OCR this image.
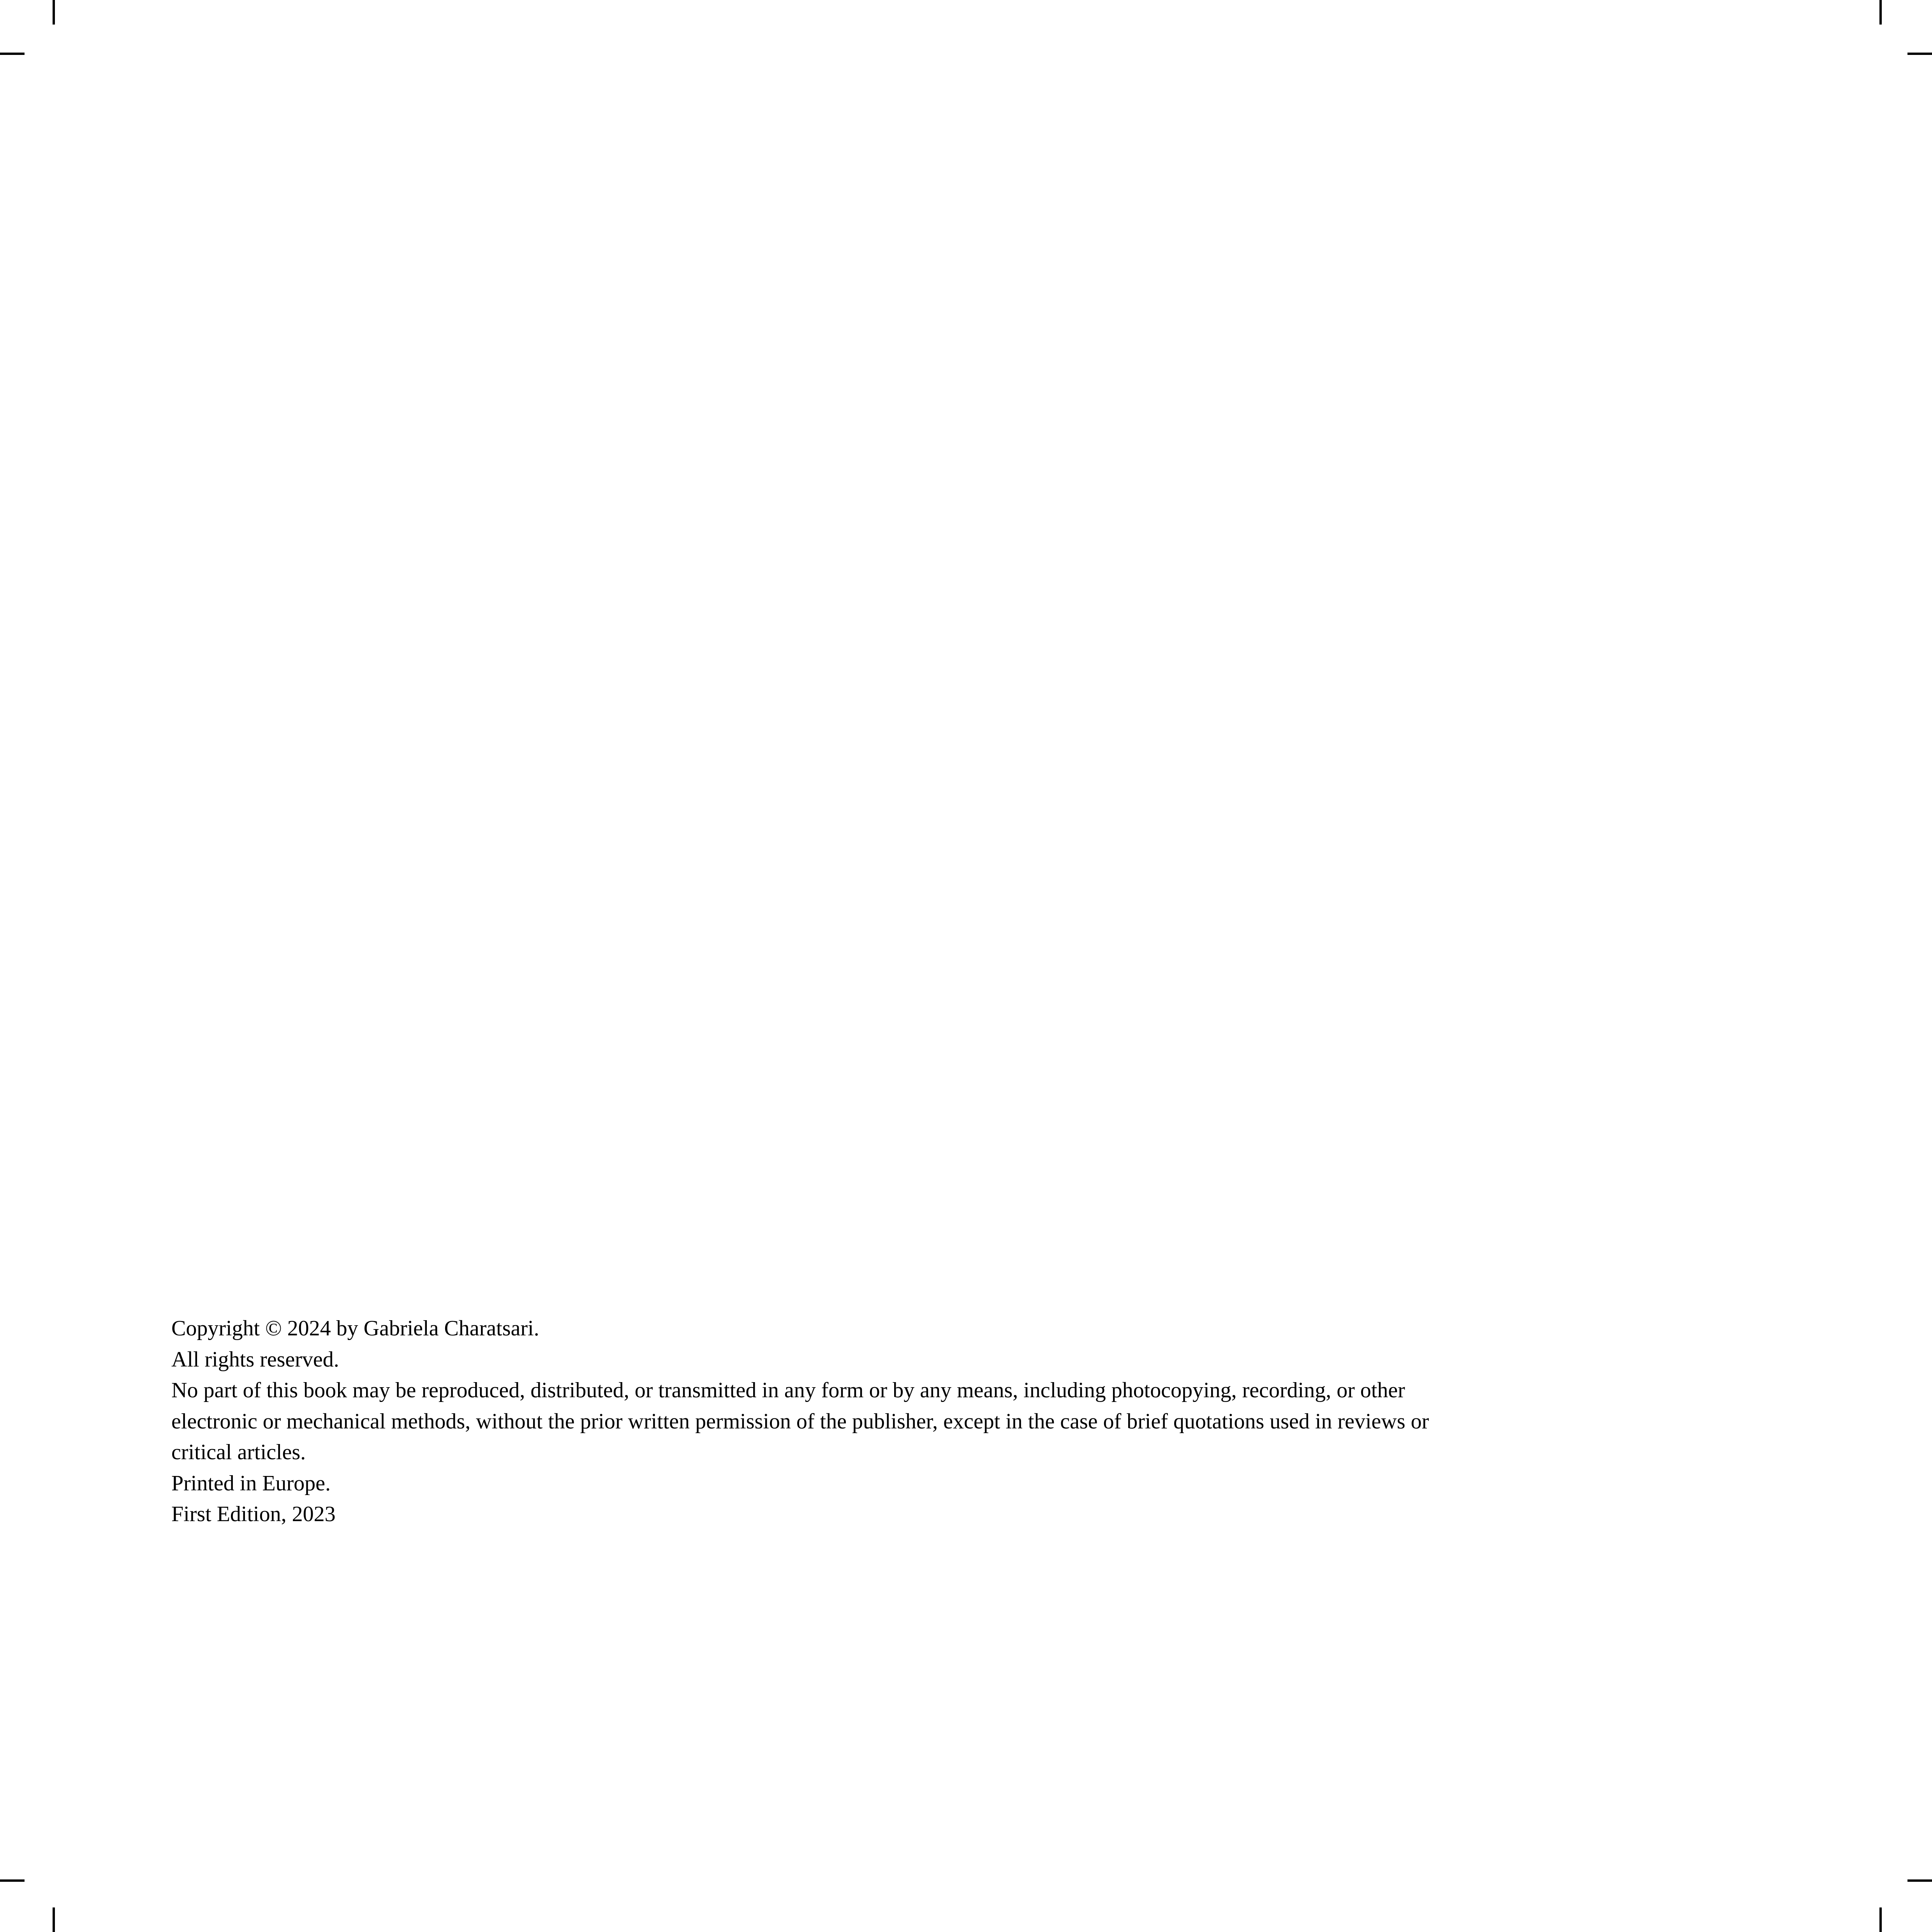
Copyright © 2024 by Gabriela Charatsari.

All rights reserved.

No part of this book may be reproduced, distributed, or transmitted in any form or by any means, including photocopying, recording, or other electronic or mechanical methods, without the prior written permission of the publisher, except in the case of brief quotations used in reviews or critical articles.

Printed in Europe.

First Edition, 2023
